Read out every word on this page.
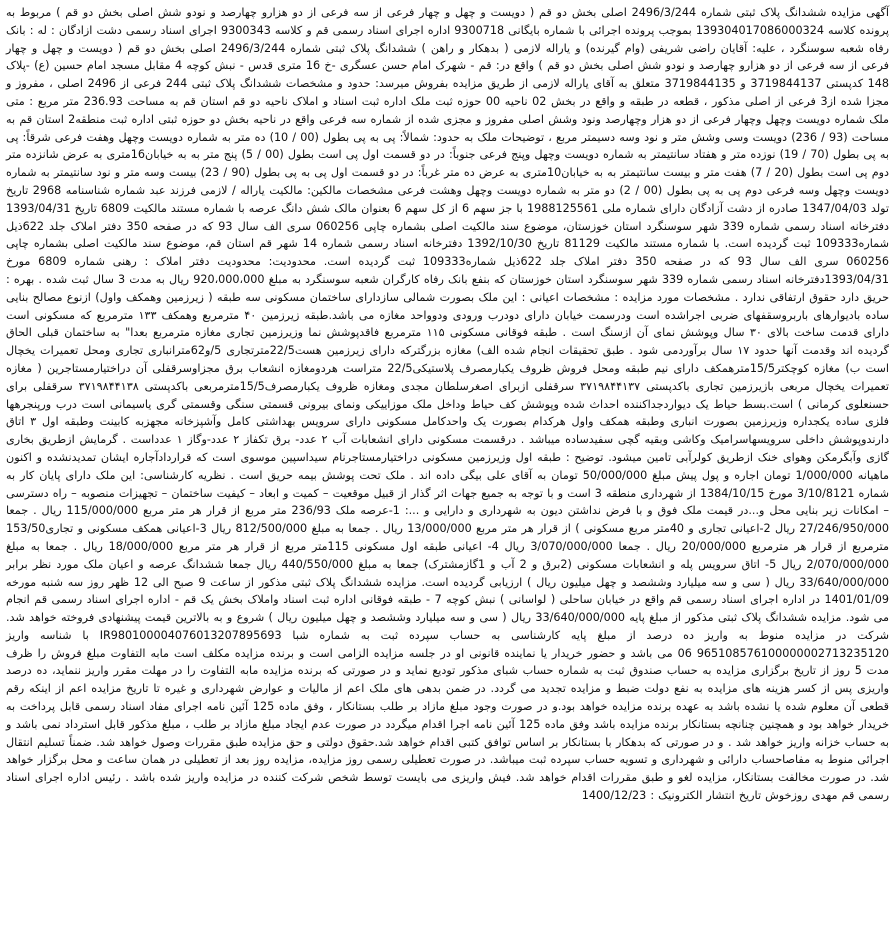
آگهی مزایده ششدانگ پلاک ثبتی شماره 2496/3/244 اصلی بخش دو قم ( دویست و چهل و چهار فرعی از سه فرعی از دو هزارو چهارصد و نودو شش اصلی بخش دو قم ) مربوط به پرونده کلاسه 139304017086000324 بموجب پرونده اجرائی با شماره بایگانی 9300718 اداره اجرای اسناد رسمی قم و کلاسه 9300343 اجرای اسناد رسمی دشت ازادگان : له : بانک رفاه شعبه سوسنگرد ، علیه: آقایان راضی شریفی (وام گیرنده) و یاراله لازمی ( بدهکار و راهن ) ششدانگ پلاک ثبتی شماره 2496/3/244 اصلی بخش دو قم ( دویست و چهل و چهار فرعی از سه فرعی از دو هزارو چهارصد و نودو شش اصلی بخش دو قم ) واقع در: قم - شهرک امام حسن عسگری -خ 16 متری قدس - نبش کوچه 4 مقابل مسجد امام حسین (ع) -پلاک 148 کدپستی 3719844137 و 3719844135 متعلق به آقای یاراله لازمی از طریق مزایده بفروش میرسد: حدود و مشخصات ششدانگ پلاک ثبتی 244 فرعی از 2496 اصلی ، مفروز و مجزا شده از3 فرعی از اصلی مذکور ، قطعه در طبقه و واقع در بخش 02 ناحیه 00 حوزه ثبت ملک اداره ثبت اسناد و املاک ناحیه دو قم استان قم به مساحت 236.93 متر مربع : متی ملک شماره دویست وچهل وچهار فرعی از دو هزار وچهارصد ونود وشش اصلی مفروز و مجزی شده از شماره سه فرعی واقع در ناحیه بخش دو حوزه ثبتی اداره ثبت منطقه2 استان قم به مساحت (93 / 236) دویست وسی وشش متر و نود وسه دسیمتر مربع ، توضیحات ملک به حدود: شمالاً: پی به پی بطول (00 / 10) ده متر به شماره دویست وچهل وهفت فرعی شرقاً: پی به پی بطول (70 / 19) نوزده متر و هفتاد سانتیمتر به شماره دویست وچهل وپنج فرعی جنوباً: در دو قسمت اول پی است بطول (00 / 5) پنج متر به به خیابان16متری به عرض شانزده متر دوم پی است بطول (20 / 7) هفت متر و بیست سانتیمتر به به خیابان10متری به عرض ده متر غرباً: در دو قسمت اول پی به پی بطول (90 / 23) بیست وسه متر و نود سانتیمتر به شماره دویست وچهل وسه فرعی دوم پی به پی بطول (00 / 2) دو متر به شماره دویست وچهل وهشت فرعی مشخصات مالکین: مالکیت یاراله / لازمی فرزند عبد شماره شناسنامه 2968 تاریخ تولد 1347/04/03 صادره از دشت آزادگان دارای شماره ملی 1988125561 با جز سهم 6 از کل سهم 6 بعنوان مالک شش دانگ عرصه با شماره مستند مالکیت 6809 تاریخ 1393/04/31 دفترخانه اسناد رسمی شماره 339 شهر سوسنگرد استان خوزستان، موضوع سند مالکیت اصلی بشماره چاپی 060256 سری الف سال 93 که در صفحه 350 دفتر املاک جلد 622ذیل شماره109333 ثبت گردیده است. با شماره مستند مالکیت 81129 تاریخ 1392/10/30 دفترخانه اسناد رسمی شماره 14 شهر قم استان قم، موضوع سند مالکیت اصلی بشماره چاپی 060256 سری الف سال 93 که در صفحه 350 دفتر املاک جلد 622ذیل شماره109333 ثبت گردیده است. محدودیت: محدودیت دفتر املاک : رهنی شماره 6809 مورخ 1393/04/31دفترخانه اسناد رسمی شماره 339 شهر سوسنگرد استان خوزستان که بنفع بانک رفاه کارگران شعبه سوسنگرد به مبلغ 920،000،000 ریال به مدت 3 سال ثبت شده . بهره : حریق دارد حقوق ارتفاقی ندارد . مشخصات مورد مزایده : مشخصات اعیانی : این ملک بصورت شمالی سازدارای ساختمان مسکونی سه طبقه ( زیرزمین وهمکف واول) ازنوع مصالح بنایی ساده بادیوارهای باربروسقفهای ضربی اجراشده است ودرسمت خیابان دارای دودرب ورودی ودوواحد مغازه می باشد.طبقه زیرزمین ۴۰ مترمربع وهمکف ۱۳۳ مترمربع که مسکونی است دارای قدمت ساخت بالای ۳۰ سال وپوشش نمای آن ازسنگ است . طبقه فوقانی مسکونی ۱۱۵ مترمربع فاقدپوشش نما وزیرزمین تجاری مغازه مترمربع بعدا" به ساختمان قبلی الحاق گردیده اند وقدمت آنها حدود ۱۷ سال برآوردمی شود . طبق تحقیقات انجام شده الف) مغازه بزرگترکه دارای زیرزمین هست22/5مترتجاری 5/و62مترانباری تجاری ومحل تعمیرات یخچال است ب) مغازه کوچکتر15/5مترهمکف دارای نیم طبقه ومحل فروش ظروف یکبارمصرف پلاستیکی22/5 متراست هردومغازه انشعاب برق مجزاوسرقفلی آن دراختیارمستاجرین ( مغازه تعمیرات یخچال مربعی بازیرزمین تجاری باکدپستی ۳۷۱۹۸۴۴۱۳۷ سرقفلی ازبرای اصغرسلطان مجدی ومغازه ظروف یکبارمصرف15/5مترمربعی باکدپستی ۳۷۱۹۸۴۴۱۳۸ سرقفلی برای حسنعلوی کرمانی ) است.بسط حیاط یک دیواردجداکننده احداث شده وپوشش کف حیاط وداخل ملک موزاییکی ونمای بیرونی قسمتی سنگی وقسمتی گری یاسیمانی است درب ورپنجرهها فلزی ساده یکجداره وزیرزمین بصورت انباری وطبقه همکف واول هرکدام بصورت یک واحدکامل مسکونی دارای سرویس بهداشتی کامل وآشپزخانه مجهزبه کابینت وطبقه اول ۳ اتاق دارندوپوشش داخلی سرویسهاسرامیک وکاشی وبقیه گچی سفیدساده میباشد . درقسمت مسکونی دارای انشعابات آب ۲ عدد- برق تکفاز ۲ عدد-وگاز ۱ عدداست . گرمایش ازطریق بخاری گازی وآبگرمکن وهوای خنک ازطریق کولرآبی تامین میشود. توضیح : طبقه اول وزیرزمین مسکونی دراختیارمستاجرنام سیداسپین موسوی است که قراردادآجاره ایشان تمدیدنشده و اکنون ماهیانه 1/000/000 تومان اجاره و پول پیش مبلغ 50/000/000 تومان به آقای علی بیگی داده اند . ملک تحت پوشش بیمه حریق است . نظریه کارشناسی: این ملک دارای پایان کار به شماره 3/10/8121 مورخ 1384/10/15 از شهرداری منطقه 3 است و با توجه به جمیع جهات اثر گذار از قبیل موقعیت – کمیت و ابعاد – کیفیت ساختمان – تجهیزات منصوبه – راه دسترسی – امکانات زیر بنایی محل و...در قیمت ملک فوق و با فرض نداشتن دیون به شهرداری و دارایی و ...: 1-عرصه ملک 236/93 متر مربع از قرار هر متر مربع 115/000/000 ریال . جمعا 27/246/950/000 ریال 2-اعیانی تجاری و 40متر مربع مسکونی ) از قرار هر متر مربع 13/000/000 ریال . جمعا به مبلغ 812/500/000 ریال 3-اعیانی همکف مسکونی و تجاری153/50 مترمربع از قرار هر مترمربع 20/000/000 ریال . جمعا 3/070/000/000 ریال 4- اعیانی طبقه اول مسکونی 115متر مربع از قرار هر متر مربع 18/000/000 ریال . جمعا به مبلغ 2/070/000/000 ریال 5- اتاق سرویس پله و انشعابات مسکونی (2برق و 2 آب و 1گازمشترک) جمعا به مبلغ 440/550/000 ریال جمعا ششدانگ عرصه و اعیان ملک مورد نظر برابر 33/640/000/000 ریال ( سی و سه میلیارد وششصد و چهل میلیون ریال ) ارزیابی گردیده است. مزایده ششدانگ پلاک ثبتی مذکور از ساعت 9 صبح الی 12 ظهر روز سه شنبه مورخه 1401/01/09 در اداره اجرای اسناد رسمی قم واقع در خیابان ساحلی ( لواسانی ) نبش کوچه 7 - طبقه فوقانی اداره ثبت اسناد واملاک بخش یک قم - اداره اجرای اسناد رسمی قم انجام می شود. مزایده ششدانگ پلاک ثبتی مذکور از مبلغ پایه 33/640/000/000 ریال ( سی و سه میلیارد وششصد و چهل میلیون ریال ) شروع و به بالاترین قیمت پیشنهادی فروخته خواهد شد. شرکت در مزایده منوط به واریز ده درصد از مبلغ پایه کارشناسی به حساب سپرده ثبت به شماره شبا IR980100004076013207895693 با شناسه واریز 965108576100000002713235120 06 می باشد و حضور خریدار یا نماینده قانونی او در جلسه مزایده الزامی است و برنده مزایده مکلف است مابه التفاوت مبلغ فروش را ظرف مدت 5 روز از تاریخ برگزاری مزایده به حساب صندوق ثبت به شماره حساب شبای مذکور تودیع نماید و در صورتی که برنده مزایده مابه التفاوت را در مهلت مقرر واریز ننماید، ده درصد واریزی پس از کسر هزینه های مزایده به نفع دولت ضبط و مزایده تجدید می گردد. در ضمن بدهی های ملک اعم از مالیات و عوارض شهرداری و غیره تا تاریخ مزایده اعم از اینکه رقم قطعی آن معلوم شده یا نشده باشد به عهده برنده مزایده خواهد بود.و در صورت وجود مبلغ مازاد بر طلب بستانکار ، وفق ماده 125 آئین نامه اجرای مفاد اسناد رسمی قابل پرداخت به خریدار خواهد بود و همچنین چنانچه بستانکار برنده مزایده باشد وفق ماده 125 آئین نامه اجرا اقدام میگردد در صورت عدم ایجاد مبلغ مازاد بر طلب ، مبلغ مذکور قابل استرداد نمی باشد و به حساب خزانه واریز خواهد شد . و در صورتی که بدهکار با بستانکار بر اساس توافق کتبی اقدام خواهد شد.حقوق دولتی و حق مزایده طبق مقررات وصول خواهد شد. ضمناً تسلیم انتقال اجرائی منوط به مفاصاحساب دارائی و شهرداری و تسویه حساب سپرده ثبت میباشد. در صورت تعطیلی رسمی روز مزایده، مزایده روز بعد از تعطیلی در همان ساعت و محل برگزار خواهد شد. در صورت مخالفت بستانکار، مزایده لغو و طبق مقررات اقدام خواهد شد. فیش واریزی می بایست توسط شخص شرکت کننده در مزایده واریز شده باشد . رئیس اداره اجرای اسناد رسمی قم مهدی روزخوش تاریخ انتشار الکترونیک : 1400/12/23
